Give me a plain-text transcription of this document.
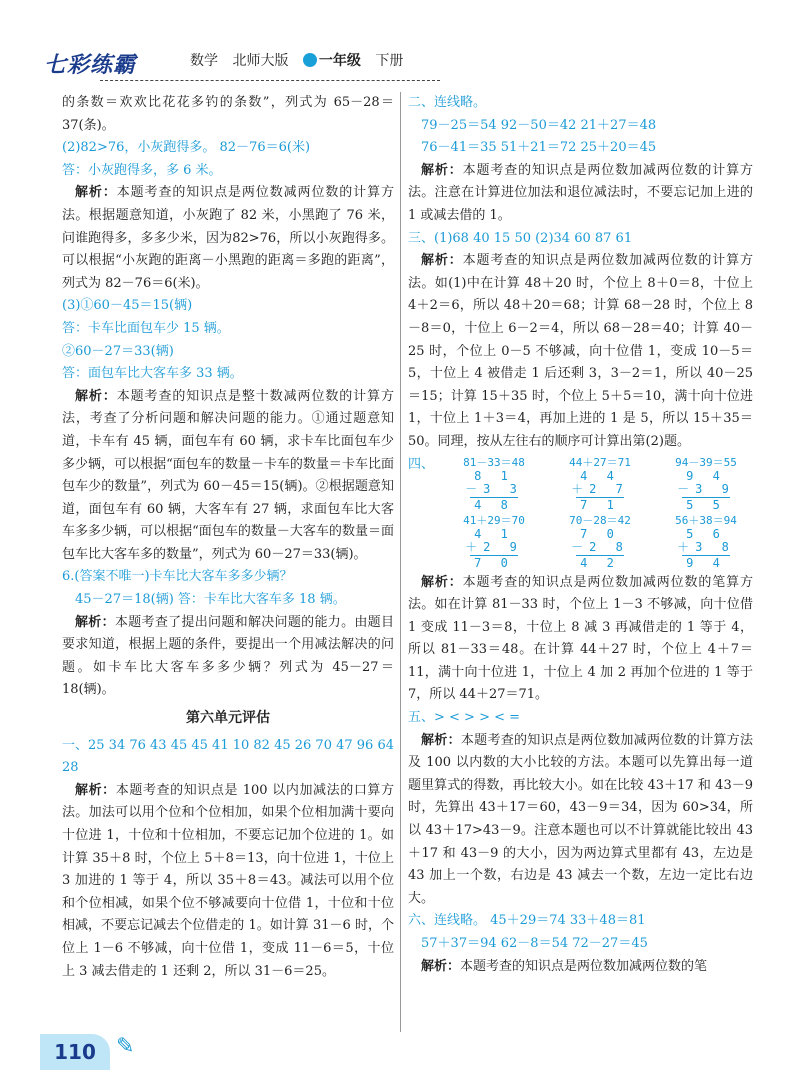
七彩练霸	数学 北师大版 一年级 下册

的条数＝欢欢比花花多钓的条数”，列式为 65－28＝37(条)。

(2)82>76，小灰跑得多。 82－76＝6(米)

答：小灰跑得多，多 6 米。

解析：本题考查的知识点是两位数减两位数的计算方法。根据题意知道，小灰跑了 82 米，小黑跑了 76 米，问谁跑得多，多多少米，因为82>76，所以小灰跑得多。可以根据“小灰跑的距离－小黑跑的距离＝多跑的距离”，列式为 82－76＝6(米)。

(3)①60－45＝15(辆)

答：卡车比面包车少 15 辆。

②60－27＝33(辆)

答：面包车比大客车多 33 辆。

解析：本题考查的知识点是整十数减两位数的计算方法，考查了分析问题和解决问题的能力。①通过题意知道，卡车有 45 辆，面包车有 60 辆，求卡车比面包车少多少辆，可以根据“面包车的数量－卡车的数量＝卡车比面包车少的数量”，列式为 60－45＝15(辆)。②根据题意知道，面包车有 60 辆，大客车有 27 辆，求面包车比大客车多多少辆，可以根据“面包车的数量－大客车的数量＝面包车比大客车多的数量”，列式为 60－27＝33(辆)。

6.(答案不唯一)卡车比大客车多多少辆？

45－27＝18(辆) 答：卡车比大客车多 18 辆。

解析：本题考查了提出问题和解决问题的能力。由题目要求知道，根据上题的条件，要提出一个用减法解决的问题。如卡车比大客车多多少辆？列式为 45－27＝18(辆)。

第六单元评估

一、25 34 76 43 45 45 41 10 82 45 26 70 47 96 64 28

解析：本题考查的知识点是 100 以内加减法的口算方法。加法可以用个位和个位相加，如果个位相加满十要向十位进 1，十位和十位相加，不要忘记加个位进的 1。如计算 35＋8 时，个位上 5＋8＝13，向十位进 1，十位上 3 加进的 1 等于 4，所以 35＋8＝43。减法可以用个位和个位相减，如果个位不够减要向十位借 1，十位和十位相减，不要忘记减去个位借走的 1。如计算 31－6 时，个位上 1－6 不够减，向十位借 1，变成 11－6＝5，十位上 3 减去借走的 1 还剩 2，所以 31－6＝25。

二、连线略。

79－25＝54 92－50＝42 21＋27＝48

76－41＝35 51＋21＝72 25＋20＝45

解析：本题考查的知识点是两位数加减两位数的计算方法。注意在计算进位加法和退位减法时，不要忘记加上进的 1 或减去借的 1。

三、(1)68 40 15 50 (2)34 60 87 61

解析：本题考查的知识点是两位数加减两位数的计算方法。如(1)中在计算 48＋20 时，个位上 8＋0＝8，十位上 4＋2＝6，所以 48＋20＝68；计算 68－28 时，个位上 8－8＝0，十位上 6－2＝4，所以 68－28＝40；计算 40－25 时，个位上 0－5 不够减，向十位借 1，变成 10－5＝5，十位上 4 被借走 1 后还剩 3，3－2＝1，所以 40－25＝15；计算 15＋35 时，个位上 5＋5＝10，满十向十位进 1，十位上 1＋3＝4，再加上进的 1 是 5，所以 15＋35＝50。同理，按从左往右的顺序可计算出第(2)题。

四、	81－33＝48
8 1
－3 3
4 8
44＋27＝71
4 4
＋2 7
7 1
94－39＝55
9 4
－3 9
5 5
41＋29＝70
4 1
＋2 9
7 0
70－28＝42
7 0
－2 8
4 2
56＋38＝94
5 6
＋3 8
9 4

解析：本题考查的知识点是两位数加减两位数的笔算方法。如在计算 81－33 时，个位上 1－3 不够减，向十位借 1 变成 11－3＝8，十位上 8 减 3 再减借走的 1 等于 4，所以 81－33＝48。在计算 44＋27 时，个位上 4＋7＝11，满十向十位进 1，十位上 4 加 2 再加个位进的 1 等于 7，所以 44＋27＝71。

五、> < > > < =

解析：本题考查的知识点是两位数加减两位数的计算方法及 100 以内数的大小比较的方法。本题可以先算出每一道题里算式的得数，再比较大小。如在比较 43＋17 和 43－9 时，先算出 43＋17＝60，43－9＝34，因为 60>34，所以 43＋17>43－9。注意本题也可以不计算就能比较出 43＋17 和 43－9 的大小，因为两边算式里都有 43，左边是 43 加上一个数，右边是 43 减去一个数，左边一定比右边大。

六、连线略。 45＋29＝74 33＋48＝81

57＋37＝94 62－8＝54 72－27＝45

解析：本题考查的知识点是两位数加减两位数的笔

110 ✎
